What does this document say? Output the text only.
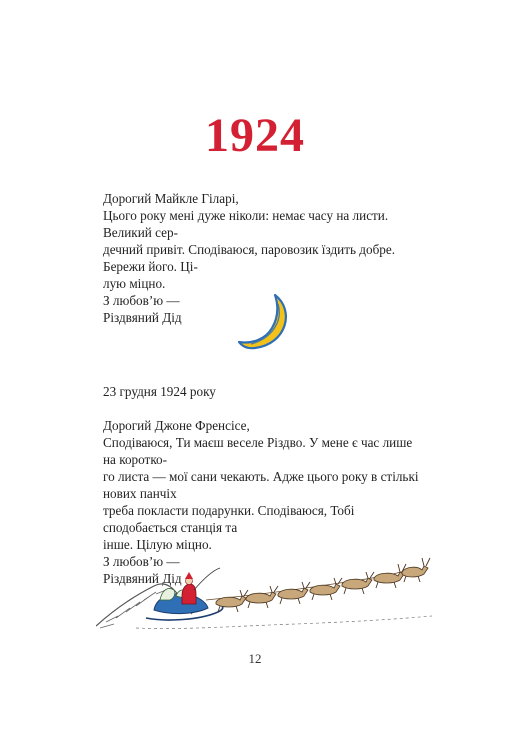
1924

Дорогий Майкле Гіларі,

Цього року мені дуже ніколи: немає часу на листи. Великий сер-

дечний привіт. Сподіваюся, паровозик їздить добре. Бережи його. Ці-

лую міцно.

З любов’ю —

Різдвяний Дід

23 грудня 1924 року

Дорогий Джоне Френсісе,

Сподіваюся, Ти маєш веселе Різдво. У мене є час лише на коротко-

го листа — мої сани чекають. Адже цього року в стількі нових панчіх

треба покласти подарунки. Сподіваюся, Тобі сподобається станція та

інше. Цілую міцно.

З любов’ю —

Різдвяний Дід

12
